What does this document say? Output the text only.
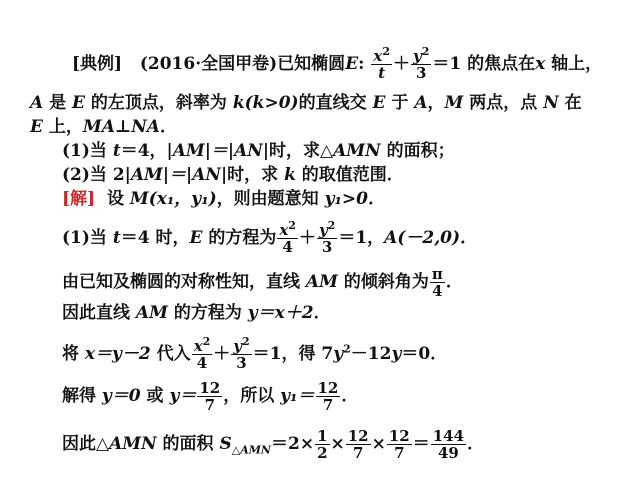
[典例] (2016·全国甲卷)已知椭圆E: $\frac{x^2}{t} + \frac{y^2}{3} =1$ 的焦点在x 轴上，
A 是 E 的左顶点，斜率为 k(k>0)的直线交 E 于 A，M 两点，点 N 在
E 上，MA⊥NA．
(1)当 t＝4，|AM|＝|AN|时，求△AMN 的面积；
(2)当 2|AM|＝|AN|时，求 k 的取值范围．
[解] 设 M(x₁，y₁)，则由题意知 y₁>0．
(1)当 t＝4 时，E 的方程为 $\frac{x^2}{4} + \frac{y^2}{3} =1$，A(－2,0)．
由已知及椭圆的对称性知，直线 AM 的倾斜角为 $\frac{\pi}{4}$ ．
因此直线 AM 的方程为 y＝x＋2．
将 x＝y－2 代入 $\frac{x^2}{4} + \frac{y^2}{3} =1$，得 $7y^2-12y=0$．
解得 y＝0 或 $y= \frac{12}{7}$ ，所以 $y_1= \frac{12}{7}$ ．
因此△AMN 的面积 $S_{\triangle AMN}=2\times \frac{1}{2} \times \frac{12}{7} \times \frac{12}{7} = \frac{144}{49}$ ．
